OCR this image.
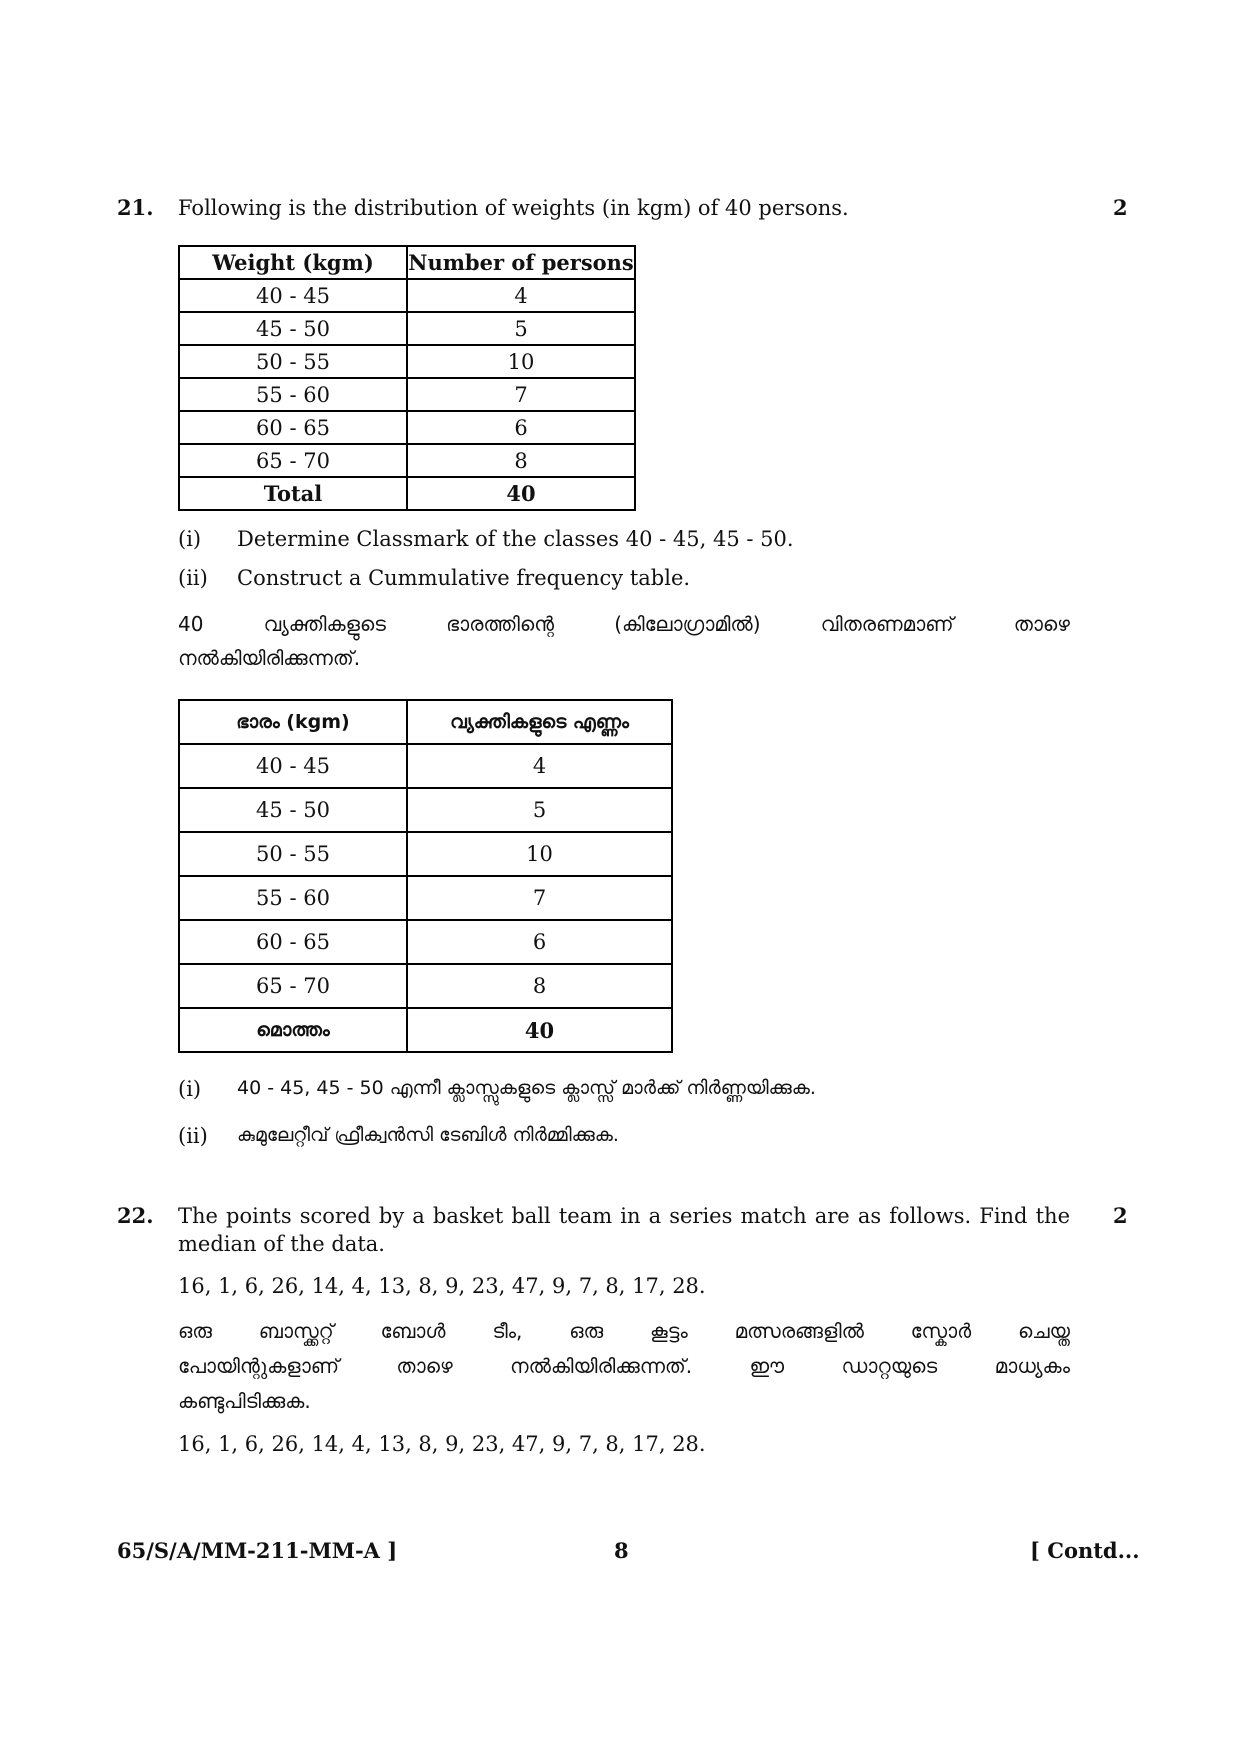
21. Following is the distribution of weights (in kgm) of 40 persons.	2
Weight (kgm)	Number of persons
40 - 45	4
45 - 50	5
50 - 55	10
55 - 60	7
60 - 65	6
65 - 70	8
Total	40
(i) Determine Classmark of the classes 40 - 45, 45 - 50.
(ii) Construct a Cummulative frequency table.
40 വ്യക്തികളുടെ ഭാരത്തിന്റെ (കിലോഗ്രാമിൽ) വിതരണമാണ് താഴെ
നൽകിയിരിക്കുന്നത്.
ഭാരം (kgm)	വ്യക്തികളുടെ എണ്ണം
40 - 45	4
45 - 50	5
50 - 55	10
55 - 60	7
60 - 65	6
65 - 70	8
മൊത്തം	40
(i) 40 - 45, 45 - 50 എന്നീ ക്ലാസ്സുകളുടെ ക്ലാസ്സ് മാർക്ക് നിർണ്ണയിക്കുക.
(ii) കുമുലേറ്റീവ് ഫ്രീക്വൻസി ടേബിൾ നിർമ്മിക്കുക.
22. The points scored by a basket ball team in a series match are as follows. Find the
median of the data.
2
16, 1, 6, 26, 14, 4, 13, 8, 9, 23, 47, 9, 7, 8, 17, 28.
ഒരു ബാസ്ക്കറ്റ് ബോൾ ടീം, ഒരു കൂട്ടം മത്സരങ്ങളിൽ സ്കോർ ചെയ്ത
പോയിന്റുകളാണ് താഴെ നൽകിയിരിക്കുന്നത്. ഈ ഡാറ്റയുടെ മാധ്യകം
കണ്ടുപിടിക്കുക.
16, 1, 6, 26, 14, 4, 13, 8, 9, 23, 47, 9, 7, 8, 17, 28.
65/S/A/MM-211-MM-A ]	8	[ Contd...
